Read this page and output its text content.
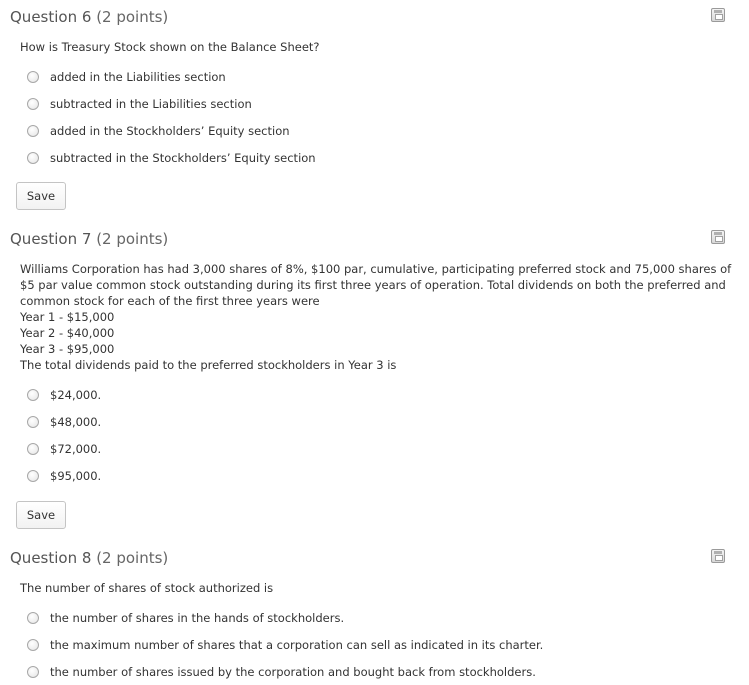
Question 6 (2 points)
How is Treasury Stock shown on the Balance Sheet?
added in the Liabilities section
subtracted in the Liabilities section
added in the Stockholders’ Equity section
subtracted in the Stockholders’ Equity section
Save
Question 7 (2 points)
Williams Corporation has had 3,000 shares of 8%, $100 par, cumulative, participating preferred stock and 75,000 shares of
$5 par value common stock outstanding during its first three years of operation. Total dividends on both the preferred and
common stock for each of the first three years were
Year 1 - $15,000
Year 2 - $40,000
Year 3 - $95,000
The total dividends paid to the preferred stockholders in Year 3 is
$24,000.
$48,000.
$72,000.
$95,000.
Save
Question 8 (2 points)
The number of shares of stock authorized is
the number of shares in the hands of stockholders.
the maximum number of shares that a corporation can sell as indicated in its charter.
the number of shares issued by the corporation and bought back from stockholders.
